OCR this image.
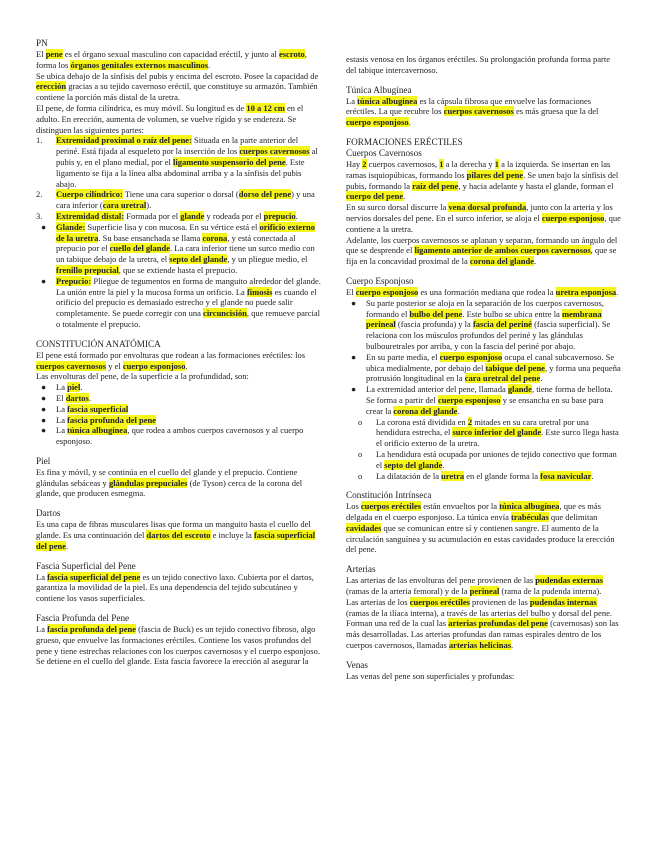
PN

El pene es el órgano sexual masculino con capacidad eréctil, y junto al escroto, forma los órganos genitales externos masculinos.

Se ubica debajo de la sínfisis del pubis y encima del escroto. Posee la capacidad de erección gracias a su tejido cavernoso eréctil, que constituye su armazón. También contiene la porción más distal de la uretra.

El pene, de forma cilíndrica, es muy móvil. Su longitud es de 10 a 12 cm en el adulto. En erección, aumenta de volumen, se vuelve rígido y se endereza. Se distinguen las siguientes partes:

1.	Extremidad proximal o raíz del pene: Situada en la parte anterior del periné. Está fijada al esqueleto por la inserción de los cuerpos cavernosos al pubis y, en el plano medial, por el ligamento suspensorio del pene. Este ligamento se fija a la línea alba abdominal arriba y a la sínfisis del pubis abajo.
2.	Cuerpo cilíndrico: Tiene una cara superior o dorsal (dorso del pene) y una cara inferior (cara uretral).
3.	Extremidad distal: Formada por el glande y rodeada por el prepucio.
●	Glande: Superficie lisa y con mucosa. En su vértice está el orificio externo de la uretra. Su base ensanchada se llama corona, y está conectada al prepucio por el cuello del glande. La cara inferior tiene un surco medio con un tabique debajo de la uretra, el septo del glande, y un pliegue medio, el frenillo prepucial, que se extiende hasta el prepucio.
●	Prepucio: Pliegue de tegumentos en forma de manguito alrededor del glande. La unión entre la piel y la mucosa forma un orificio. La fimosis es cuando el orificio del prepucio es demasiado estrecho y el glande no puede salir completamente. Se puede corregir con una circuncisión, que remueve parcial o totalmente el prepucio.

CONSTITUCIÓN ANATÓMICA

El pene está formado por envolturas que rodean a las formaciones eréctiles: los cuerpos cavernosos y el cuerpo esponjoso.

Las envolturas del pene, de la superficie a la profundidad, son:

●	La piel.
●	El dartos.
●	La fascia superficial
●	La fascia profunda del pene
●	La túnica albugínea, que rodea a ambos cuerpos cavernosos y al cuerpo esponjoso.

Piel

Es fina y móvil, y se continúa en el cuello del glande y el prepucio. Contiene glándulas sebáceas y glándulas prepuciales (de Tyson) cerca de la corona del glande, que producen esmegma.

Dartos

Es una capa de fibras musculares lisas que forma un manguito hasta el cuello del glande. Es una continuación del dartos del escroto e incluye la fascia superficial del pene.

Fascia Superficial del Pene

La fascia superficial del pene es un tejido conectivo laxo. Cubierta por el dartos, garantiza la movilidad de la piel. Es una dependencia del tejido subcutáneo y contiene los vasos superficiales.

Fascia Profunda del Pene

La fascia profunda del pene (fascia de Buck) es un tejido conectivo fibroso, algo grueso, que envuelve las formaciones eréctiles. Contiene los vasos profundos del pene y tiene estrechas relaciones con los cuerpos cavernosos y el cuerpo esponjoso. Se detiene en el cuello del glande. Esta fascia favorece la erección al asegurar la

estasis venosa en los órganos eréctiles. Su prolongación profunda forma parte del tabique intercavernoso.

Túnica Albugínea

La túnica albugínea es la cápsula fibrosa que envuelve las formaciones eréctiles. La que recubre los cuerpos cavernosos es más gruesa que la del cuerpo esponjoso.

FORMACIONES ERÉCTILES

Cuerpos Cavernosos

Hay 2 cuerpos cavernosos, 1 a la derecha y 1 a la izquierda. Se insertan en las ramas isquiopúbicas, formando los pilares del pene. Se unen bajo la sínfisis del pubis, formando la raíz del pene, y hacia adelante y hasta el glande, forman el cuerpo del pene.

En su surco dorsal discurre la vena dorsal profunda, junto con la arteria y los nervios dorsales del pene. En el surco inferior, se aloja el cuerpo esponjoso, que contiene a la uretra.

Adelante, los cuerpos cavernosos se aplanan y separan, formando un ángulo del que se desprende el ligamento anterior de ambos cuerpos cavernosos, que se fija en la concavidad proximal de la corona del glande.

Cuerpo Esponjoso

El cuerpo esponjoso es una formación mediana que rodea la uretra esponjosa.

●	Su parte posterior se aloja en la separación de los cuerpos cavernosos, formando el bulbo del pene. Este bulbo se ubica entre la membrana perineal (fascia profunda) y la fascia del periné (fascia superficial). Se relaciona con los músculos profundos del periné y las glándulas bulbouretrales por arriba, y con la fascia del periné por abajo.
●	En su parte media, el cuerpo esponjoso ocupa el canal subcavernoso. Se ubica medialmente, por debajo del tabique del pene, y forma una pequeña protrusión longitudinal en la cara uretral del pene.
●	La extremidad anterior del pene, llamada glande, tiene forma de bellota. Se forma a partir del cuerpo esponjoso y se ensancha en su base para crear la corona del glande.
o	La corona está dividida en 2 mitades en su cara uretral por una hendidura estrecha, el surco inferior del glande. Este surco llega hasta el orificio externo de la uretra.
o	La hendidura está ocupada por uniones de tejido conectivo que forman el septo del glande.
o	La dilatación de la uretra en el glande forma la fosa navicular.

Constitución Intrínseca

Los cuerpos eréctiles están envueltos por la túnica albugínea, que es más delgada en el cuerpo esponjoso. La túnica envía trabéculas que delimitan cavidades que se comunican entre sí y contienen sangre. El aumento de la circulación sanguínea y su acumulación en estas cavidades produce la erección del pene.

Arterias

Las arterias de las envolturas del pene provienen de las pudendas externas (ramas de la arteria femoral) y de la perineal (rama de la pudenda interna).

Las arterias de los cuerpos eréctiles provienen de las pudendas internas (ramas de la ilíaca interna), a través de las arterias del bulbo y dorsal del pene. Forman una red de la cual las arterias profundas del pene (cavernosas) son las más desarrolladas. Las arterias profundas dan ramas espirales dentro de los cuerpos cavernosos, llamadas arterias helicinas.

Venas

Las venas del pene son superficiales y profundas:
